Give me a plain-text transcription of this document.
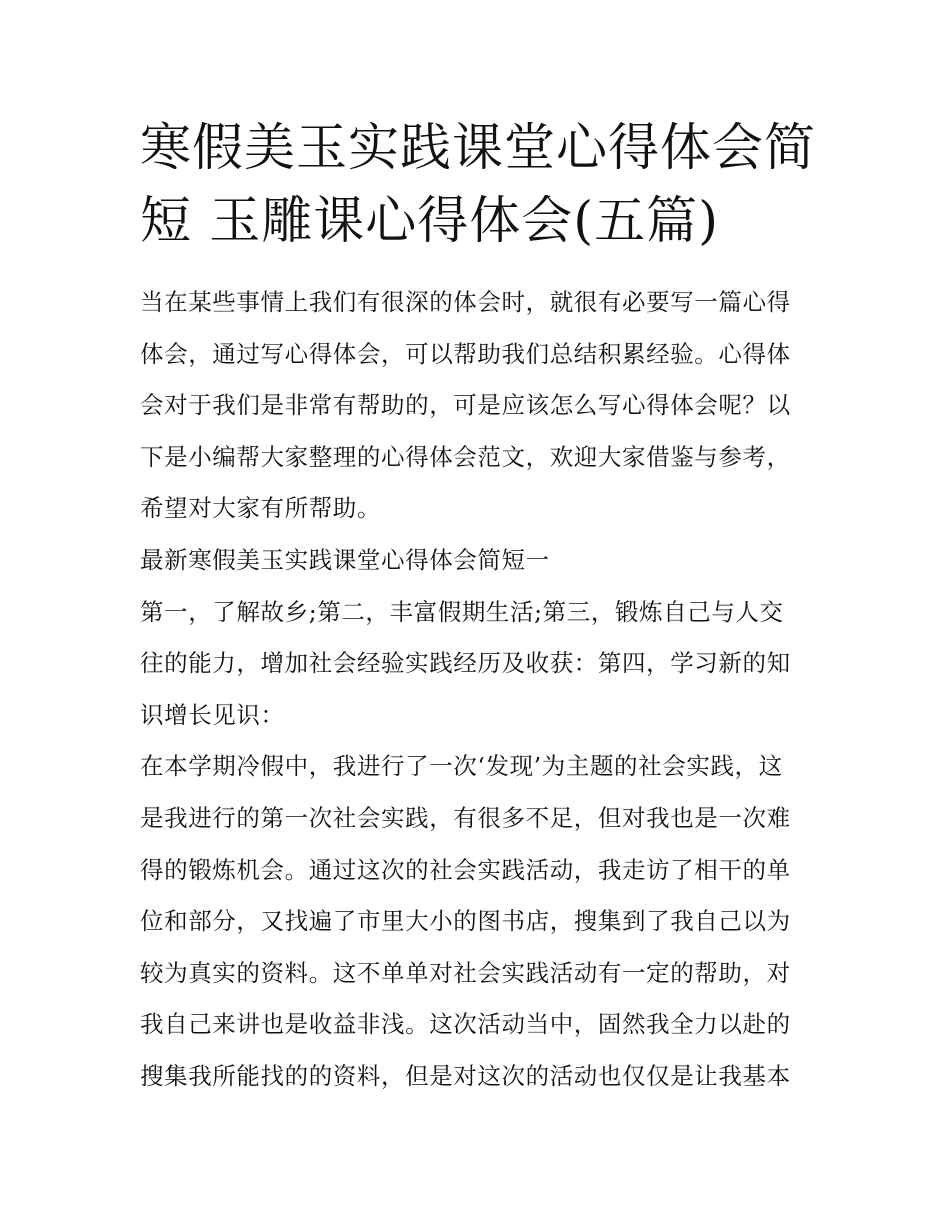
寒假美玉实践课堂心得体会简
短 玉雕课心得体会(五篇)
当在某些事情上我们有很深的体会时，就很有必要写一篇心得
体会，通过写心得体会，可以帮助我们总结积累经验。心得体
会对于我们是非常有帮助的，可是应该怎么写心得体会呢？以
下是小编帮大家整理的心得体会范文，欢迎大家借鉴与参考，
希望对大家有所帮助。
最新寒假美玉实践课堂心得体会简短一
第一，了解故乡;第二，丰富假期生活;第三，锻炼自己与人交
往的能力，增加社会经验实践经历及收获：第四，学习新的知
识增长见识：
在本学期冷假中，我进行了一次‘发现’为主题的社会实践，这
是我进行的第一次社会实践，有很多不足，但对我也是一次难
得的锻炼机会。通过这次的社会实践活动，我走访了相干的单
位和部分，又找遍了市里大小的图书店，搜集到了我自己以为
较为真实的资料。这不单单对社会实践活动有一定的帮助，对
我自己来讲也是收益非浅。这次活动当中，固然我全力以赴的
搜集我所能找的的资料，但是对这次的活动也仅仅是让我基本
